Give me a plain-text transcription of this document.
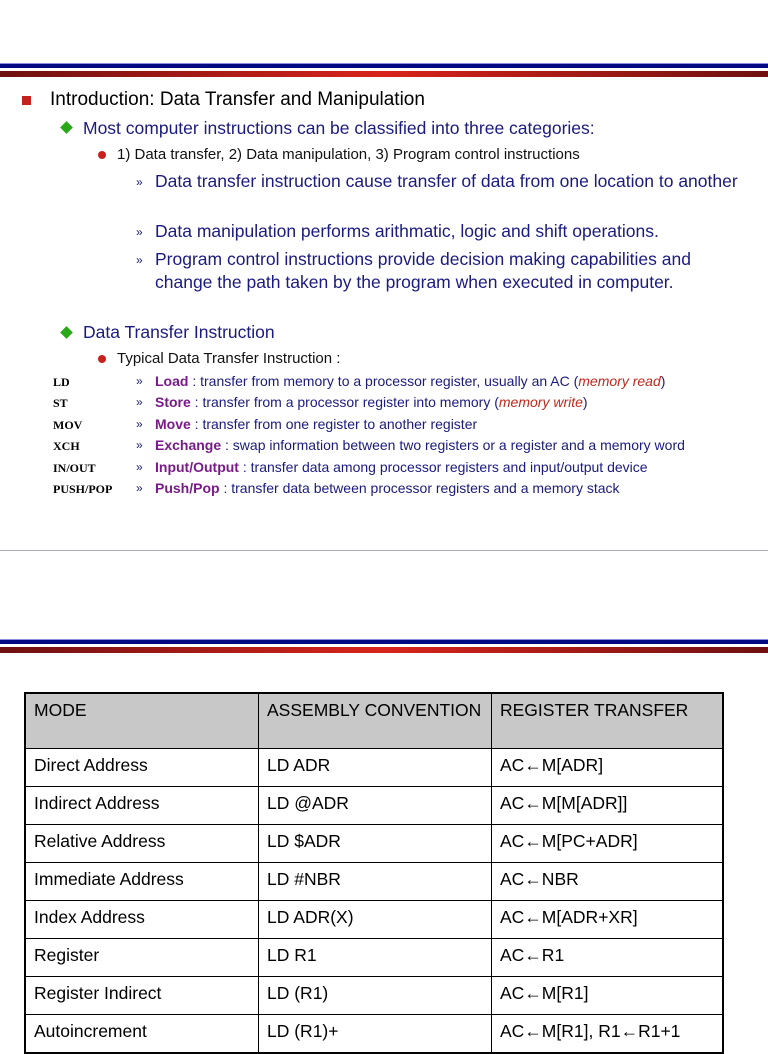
Introduction: Data Transfer and Manipulation
Most computer instructions can be classified into three categories:
1) Data transfer, 2) Data manipulation, 3) Program control instructions
» Data transfer instruction cause transfer of data from one location to another
» Data manipulation performs arithmatic, logic and shift operations.
» Program control instructions provide decision making capabilities and change the path taken by the program when executed in computer.
Data Transfer Instruction
Typical Data Transfer Instruction :
LD	» Load : transfer from memory to a processor register, usually an AC (memory read)
ST	» Store : transfer from a processor register into memory (memory write)
MOV	» Move : transfer from one register to another register
XCH	» Exchange : swap information between two registers or a register and a memory word
IN/OUT	» Input/Output : transfer data among processor registers and input/output device
PUSH/POP » Push/Pop : transfer data between processor registers and a memory stack
MODE	ASSEMBLY CONVENTION	REGISTER TRANSFER
Direct Address	LD ADR	AC←M[ADR]
Indirect Address	LD @ADR	AC←M[M[ADR]]
Relative Address	LD $ADR	AC←M[PC+ADR]
Immediate Address	LD #NBR	AC←NBR
Index Address	LD ADR(X)	AC←M[ADR+XR]
Register	LD R1	AC←R1
Register Indirect	LD (R1)	AC←M[R1]
Autoincrement	LD (R1)+	AC←M[R1], R1←R1+1
